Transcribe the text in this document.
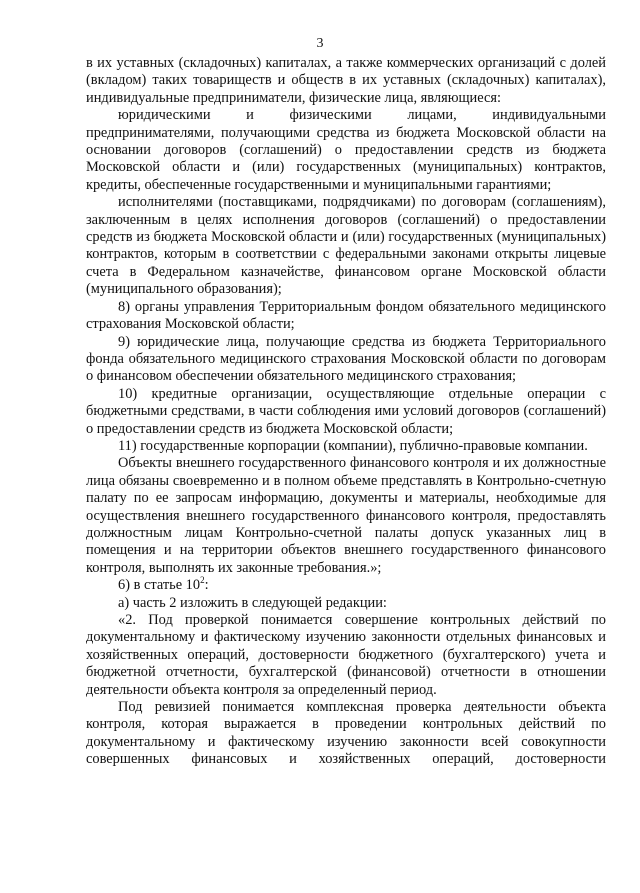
3

в их уставных (складочных) капиталах, а также коммерческих организаций с долей (вкладом) таких товариществ и обществ в их уставных (складочных) капиталах), индивидуальные предприниматели, физические лица, являющиеся:

юридическими и физическими лицами, индивидуальными предпринимателями, получающими средства из бюджета Московской области на основании договоров (соглашений) о предоставлении средств из бюджета Московской области и (или) государственных (муниципальных) контрактов, кредиты, обеспеченные государственными и муниципальными гарантиями;

исполнителями (поставщиками, подрядчиками) по договорам (соглашениям), заключенным в целях исполнения договоров (соглашений) о предоставлении средств из бюджета Московской области и (или) государственных (муниципальных) контрактов, которым в соответствии с федеральными законами открыты лицевые счета в Федеральном казначействе, финансовом органе Московской области (муниципального образования);

8) органы управления Территориальным фондом обязательного медицинского страхования Московской области;

9) юридические лица, получающие средства из бюджета Территориального фонда обязательного медицинского страхования Московской области по договорам о финансовом обеспечении обязательного медицинского страхования;

10) кредитные организации, осуществляющие отдельные операции с бюджетными средствами, в части соблюдения ими условий договоров (соглашений) о предоставлении средств из бюджета Московской области;

11) государственные корпорации (компании), публично-правовые компании.

Объекты внешнего государственного финансового контроля и их должностные лица обязаны своевременно и в полном объеме представлять в Контрольно-счетную палату по ее запросам информацию, документы и материалы, необходимые для осуществления внешнего государственного финансового контроля, предоставлять должностным лицам Контрольно-счетной палаты допуск указанных лиц в помещения и на территории объектов внешнего государственного финансового контроля, выполнять их законные требования.»;

6) в статье $10^2$:

а) часть 2 изложить в следующей редакции:

«2. Под проверкой понимается совершение контрольных действий по документальному и фактическому изучению законности отдельных финансовых и хозяйственных операций, достоверности бюджетного (бухгалтерского) учета и бюджетной отчетности, бухгалтерской (финансовой) отчетности в отношении деятельности объекта контроля за определенный период.

Под ревизией понимается комплексная проверка деятельности объекта контроля, которая выражается в проведении контрольных действий по документальному и фактическому изучению законности всей совокупности совершенных финансовых и хозяйственных операций, достоверности
